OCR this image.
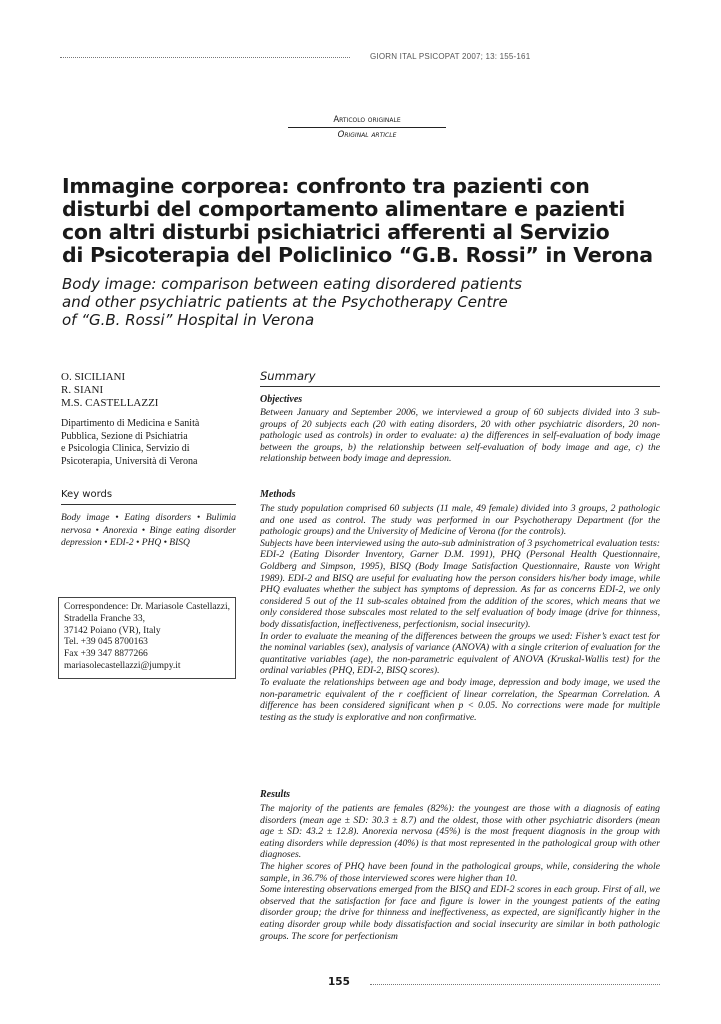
GIORN ITAL PSICOPAT 2007; 13: 155-161
Articolo originale
Original article
Immagine corporea: confronto tra pazienti con
disturbi del comportamento alimentare e pazienti
con altri disturbi psichiatrici afferenti al Servizio
di Psicoterapia del Policlinico “G.B. Rossi” in Verona
Body image: comparison between eating disordered patients
and other psychiatric patients at the Psychotherapy Centre
of “G.B. Rossi” Hospital in Verona
O. SICILIANI
R. SIANI
M.S. CASTELLAZZI
Dipartimento di Medicina e Sanità
Pubblica, Sezione di Psichiatria
e Psicologia Clinica, Servizio di
Psicoterapia, Università di Verona
Key words
Body image • Eating disorders • Bulimia nervosa • Anorexia • Binge eating disorder depression • EDI-2 • PHQ • BISQ
Correspondence: Dr. Mariasole Castellazzi, Stradella Franche 33,
37142 Poiano (VR), Italy
Tel. +39 045 8700163
Fax +39 347 8877266
mariasolecastellazzi@jumpy.it
Summary
Objectives
Between January and September 2006, we interviewed a group of 60 subjects divided into 3 sub-groups of 20 subjects each (20 with eating disorders, 20 with other psychiatric disorders, 20 non-pathologic used as controls) in order to evaluate: a) the differences in self-evaluation of body image between the groups, b) the relationship between self-evaluation of body image and age, c) the relationship between body image and depression.
Methods
The study population comprised 60 subjects (11 male, 49 female) divided into 3 groups, 2 pathologic and one used as control. The study was performed in our Psychotherapy Department (for the pathologic groups) and the University of Medicine of Verona (for the controls).
Subjects have been interviewed using the auto-sub administration of 3 psychometrical evaluation tests: EDI-2 (Eating Disorder Inventory, Garner D.M. 1991), PHQ (Personal Health Questionnaire, Goldberg and Simpson, 1995), BISQ (Body Image Satisfaction Questionnaire, Rauste von Wright 1989). EDI-2 and BISQ are useful for evaluating how the person considers his/her body image, while PHQ evaluates whether the subject has symptoms of depression. As far as concerns EDI-2, we only considered 5 out of the 11 sub-scales obtained from the addition of the scores, which means that we only considered those subscales most related to the self evaluation of body image (drive for thinness, body dissatisfaction, ineffectiveness, perfectionism, social insecurity).
In order to evaluate the meaning of the differences between the groups we used: Fisher’s exact test for the nominal variables (sex), analysis of variance (ANOVA) with a single criterion of evaluation for the quantitative variables (age), the non-parametric equivalent of ANOVA (Kruskal-Wallis test) for the ordinal variables (PHQ, EDI-2, BISQ scores).
To evaluate the relationships between age and body image, depression and body image, we used the non-parametric equivalent of the r coefficient of linear correlation, the Spearman Correlation. A difference has been considered significant when p < 0.05. No corrections were made for multiple testing as the study is explorative and non confirmative.
Results
The majority of the patients are females (82%): the youngest are those with a diagnosis of eating disorders (mean age ± SD: 30.3 ± 8.7) and the oldest, those with other psychiatric disorders (mean age ± SD: 43.2 ± 12.8). Anorexia nervosa (45%) is the most frequent diagnosis in the group with eating disorders while depression (40%) is that most represented in the pathological group with other diagnoses.
The higher scores of PHQ have been found in the pathological groups, while, considering the whole sample, in 36.7% of those interviewed scores were higher than 10.
Some interesting observations emerged from the BISQ and EDI-2 scores in each group. First of all, we observed that the satisfaction for face and figure is lower in the youngest patients of the eating disorder group; the drive for thinness and ineffectiveness, as expected, are significantly higher in the eating disorder group while body dissatisfaction and social insecurity are similar in both pathologic groups. The score for perfectionism
155
